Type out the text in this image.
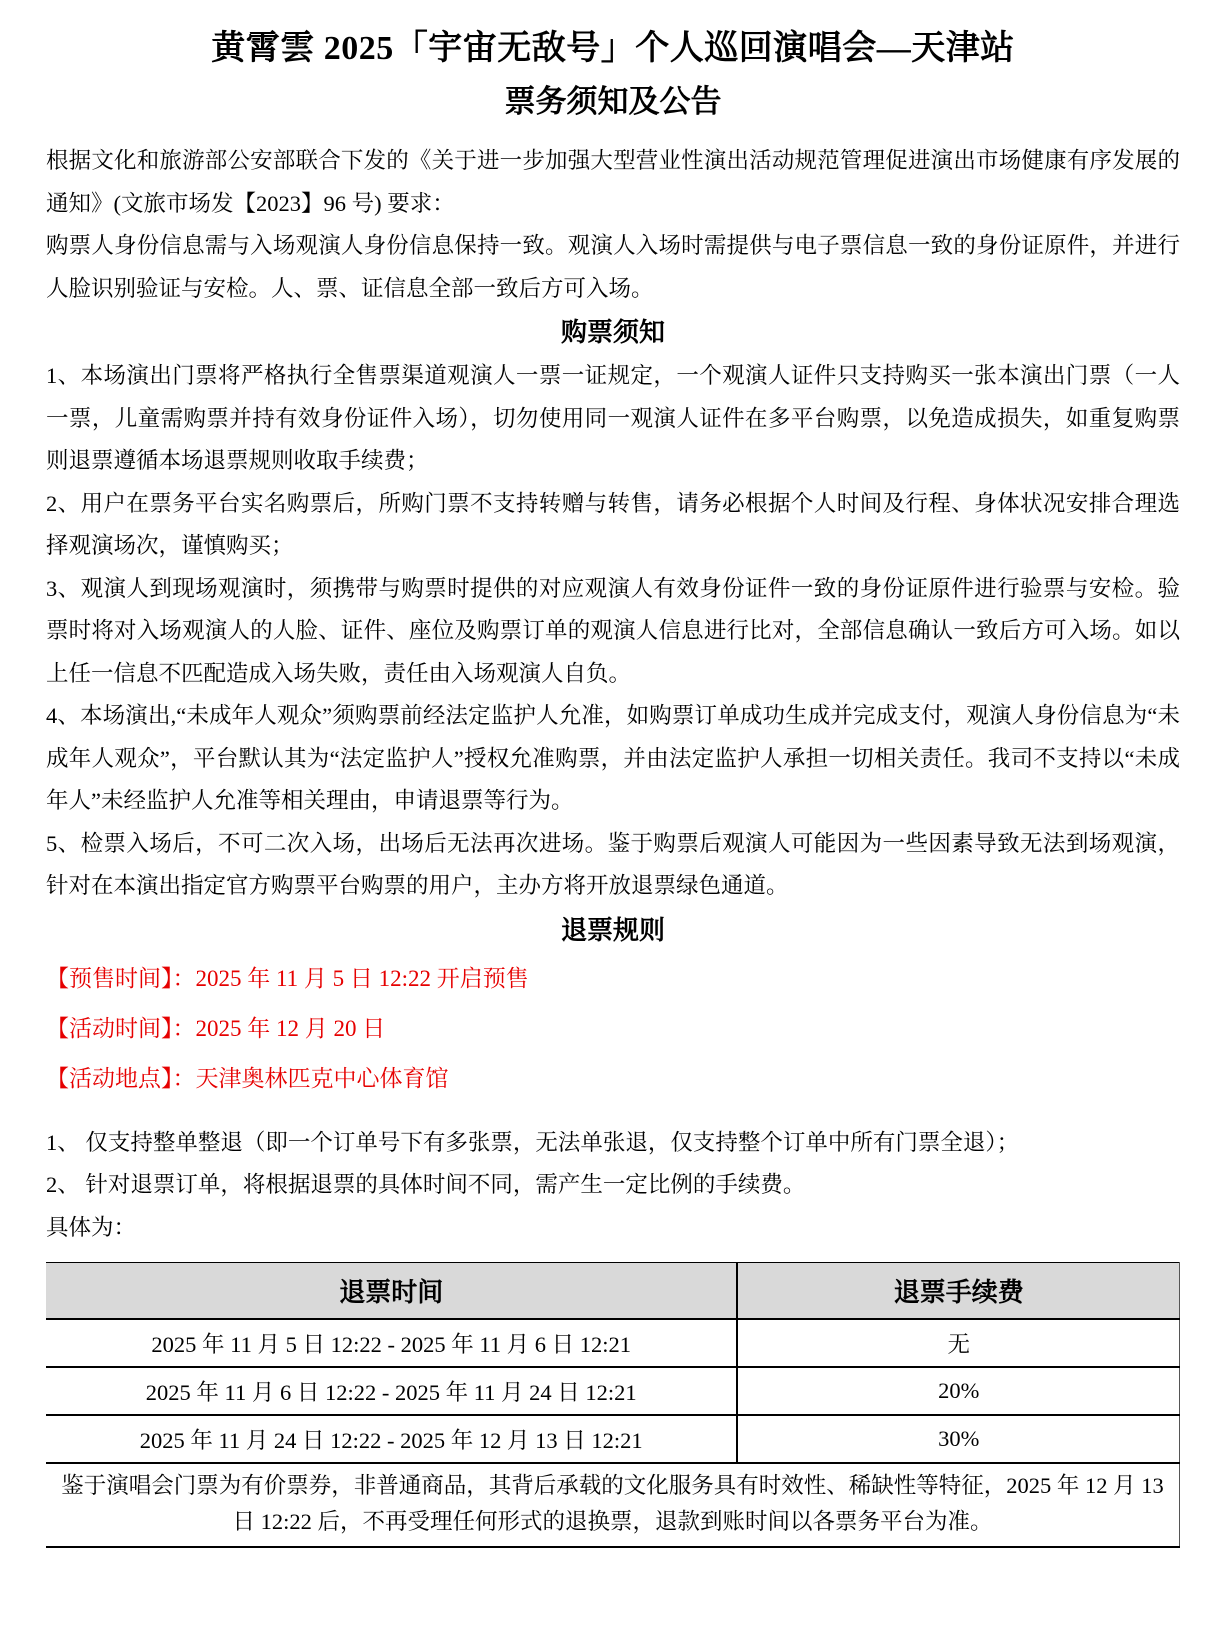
黄霄雲 2025「宇宙无敌号」个人巡回演唱会—天津站
票务须知及公告

根据文化和旅游部公安部联合下发的《关于进一步加强大型营业性演出活动规范管理促进演出市场健康有序发展的通知》(文旅市场发【2023】96 号) 要求：

购票人身份信息需与入场观演人身份信息保持一致。观演人入场时需提供与电子票信息一致的身份证原件，并进行人脸识别验证与安检。人、票、证信息全部一致后方可入场。

购票须知

1、本场演出门票将严格执行全售票渠道观演人一票一证规定，一个观演人证件只支持购买一张本演出门票（一人一票，儿童需购票并持有效身份证件入场），切勿使用同一观演人证件在多平台购票，以免造成损失，如重复购票则退票遵循本场退票规则收取手续费；

2、用户在票务平台实名购票后，所购门票不支持转赠与转售，请务必根据个人时间及行程、身体状况安排合理选择观演场次，谨慎购买；

3、观演人到现场观演时，须携带与购票时提供的对应观演人有效身份证件一致的身份证原件进行验票与安检。验票时将对入场观演人的人脸、证件、座位及购票订单的观演人信息进行比对，全部信息确认一致后方可入场。如以上任一信息不匹配造成入场失败，责任由入场观演人自负。

4、本场演出,“未成年人观众”须购票前经法定监护人允准，如购票订单成功生成并完成支付，观演人身份信息为“未成年人观众”，平台默认其为“法定监护人”授权允准购票，并由法定监护人承担一切相关责任。我司不支持以“未成年人”未经监护人允准等相关理由，申请退票等行为。

5、检票入场后，不可二次入场，出场后无法再次进场。鉴于购票后观演人可能因为一些因素导致无法到场观演，针对在本演出指定官方购票平台购票的用户，主办方将开放退票绿色通道。

退票规则

【预售时间】：2025 年 11 月 5 日 12:22 开启预售

【活动时间】：2025 年 12 月 20 日

【活动地点】：天津奥林匹克中心体育馆

1、 仅支持整单整退（即一个订单号下有多张票，无法单张退，仅支持整个订单中所有门票全退）；

2、 针对退票订单，将根据退票的具体时间不同，需产生一定比例的手续费。

具体为：

退票时间	退票手续费
2025 年 11 月 5 日 12:22 - 2025 年 11 月 6 日 12:21	无
2025 年 11 月 6 日 12:22 - 2025 年 11 月 24 日 12:21	20%
2025 年 11 月 24 日 12:22 - 2025 年 12 月 13 日 12:21	30%
鉴于演唱会门票为有价票券，非普通商品，其背后承载的文化服务具有时效性、稀缺性等特征，2025 年 12 月 13 日 12:22 后，不再受理任何形式的退换票，退款到账时间以各票务平台为准。	
